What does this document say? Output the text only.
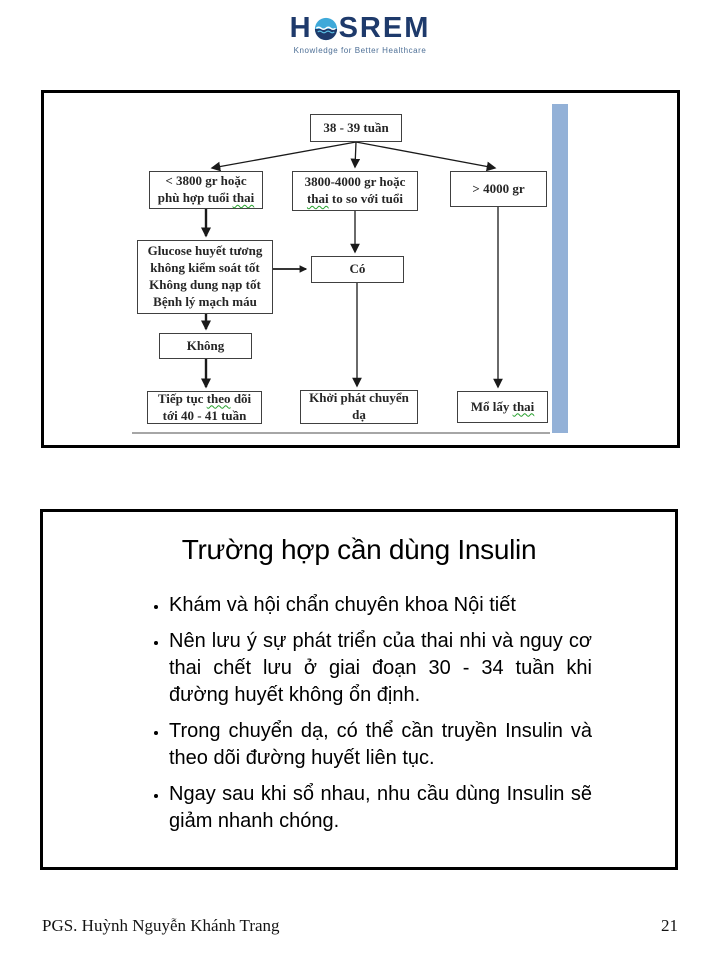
H SREM
Knowledge for Better Healthcare
38 - 39 tuần
< 3800 gr hoặc phù hợp tuổi thai
3800-4000 gr hoặc thai to so với tuổi
> 4000 gr
Glucose huyết tương
không kiểm soát tốt
Không dung nạp tốt
Bệnh lý mạch máu
Có
Không
Tiếp tục theo dõi tới 40 - 41 tuần
Khởi phát chuyển dạ
Mổ lấy thai
Trường hợp cần dùng Insulin
• Khám và hội chẩn chuyên khoa Nội tiết
• Nên lưu ý sự phát triển của thai nhi và nguy cơ thai chết lưu ở giai đoạn 30 - 34 tuần khi đường huyết không ổn định.
• Trong chuyển dạ, có thể cần truyền Insulin và theo dõi đường huyết liên tục.
• Ngay sau khi sổ nhau, nhu cầu dùng Insulin sẽ giảm nhanh chóng.
PGS. Huỳnh Nguyễn Khánh Trang	21
